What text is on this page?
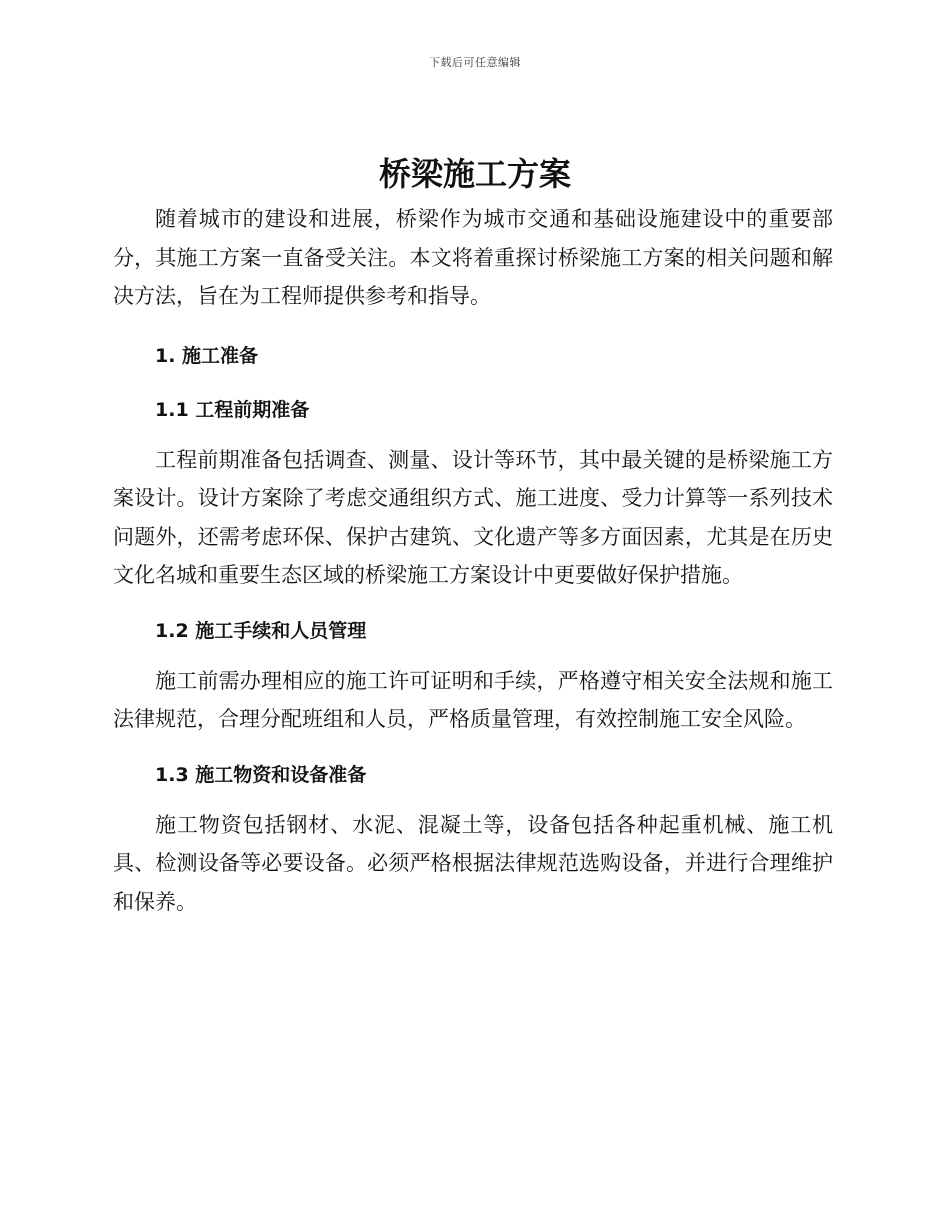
下载后可任意编辑
桥梁施工方案

随着城市的建设和进展，桥梁作为城市交通和基础设施建设中的重要部分，其施工方案一直备受关注。本文将着重探讨桥梁施工方案的相关问题和解决方法，旨在为工程师提供参考和指导。

1. 施工准备

1.1 工程前期准备

工程前期准备包括调查、测量、设计等环节，其中最关键的是桥梁施工方案设计。设计方案除了考虑交通组织方式、施工进度、受力计算等一系列技术问题外，还需考虑环保、保护古建筑、文化遗产等多方面因素，尤其是在历史文化名城和重要生态区域的桥梁施工方案设计中更要做好保护措施。

1.2 施工手续和人员管理

施工前需办理相应的施工许可证明和手续，严格遵守相关安全法规和施工法律规范，合理分配班组和人员，严格质量管理，有效控制施工安全风险。

1.3 施工物资和设备准备

施工物资包括钢材、水泥、混凝土等，设备包括各种起重机械、施工机具、检测设备等必要设备。必须严格根据法律规范选购设备，并进行合理维护和保养。
